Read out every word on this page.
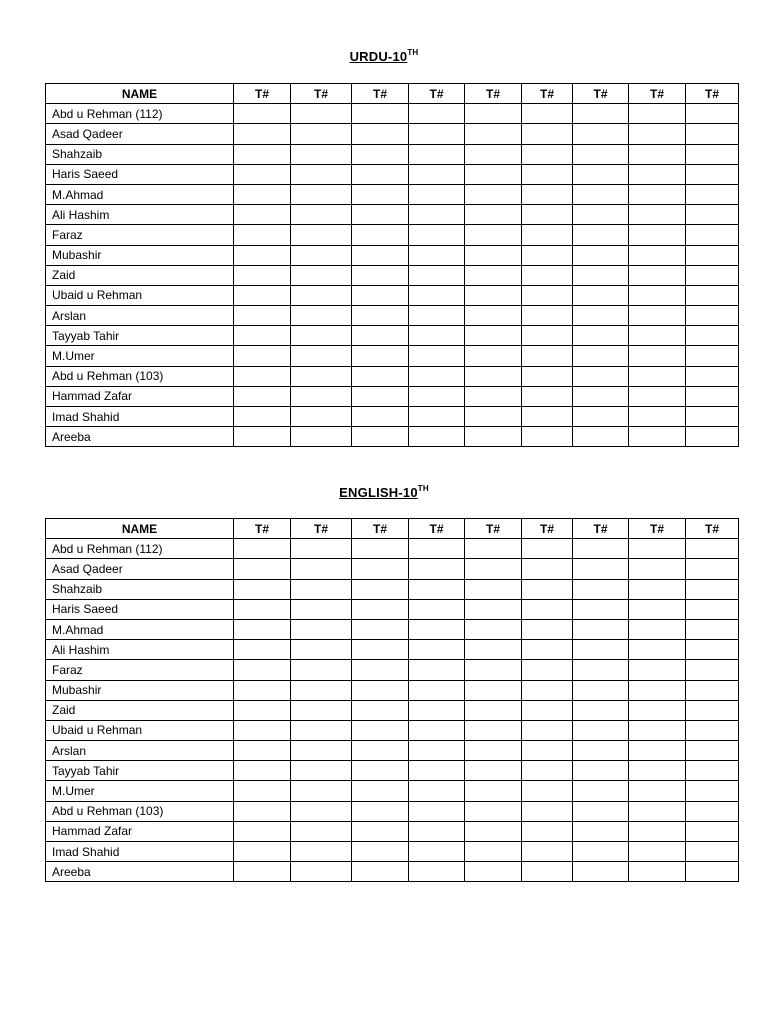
URDU-10TH
NAME	T#	T#	T#	T#	T#	T#	T#	T#	T#
Abd u Rehman (112)									
Asad Qadeer									
Shahzaib									
Haris Saeed									
M.Ahmad									
Ali Hashim									
Faraz									
Mubashir									
Zaid									
Ubaid u Rehman									
Arslan									
Tayyab Tahir									
M.Umer									
Abd u Rehman (103)									
Hammad Zafar									
Imad Shahid									
Areeba									
ENGLISH-10TH
NAME	T#	T#	T#	T#	T#	T#	T#	T#	T#
Abd u Rehman (112)									
Asad Qadeer									
Shahzaib									
Haris Saeed									
M.Ahmad									
Ali Hashim									
Faraz									
Mubashir									
Zaid									
Ubaid u Rehman									
Arslan									
Tayyab Tahir									
M.Umer									
Abd u Rehman (103)									
Hammad Zafar									
Imad Shahid									
Areeba									
